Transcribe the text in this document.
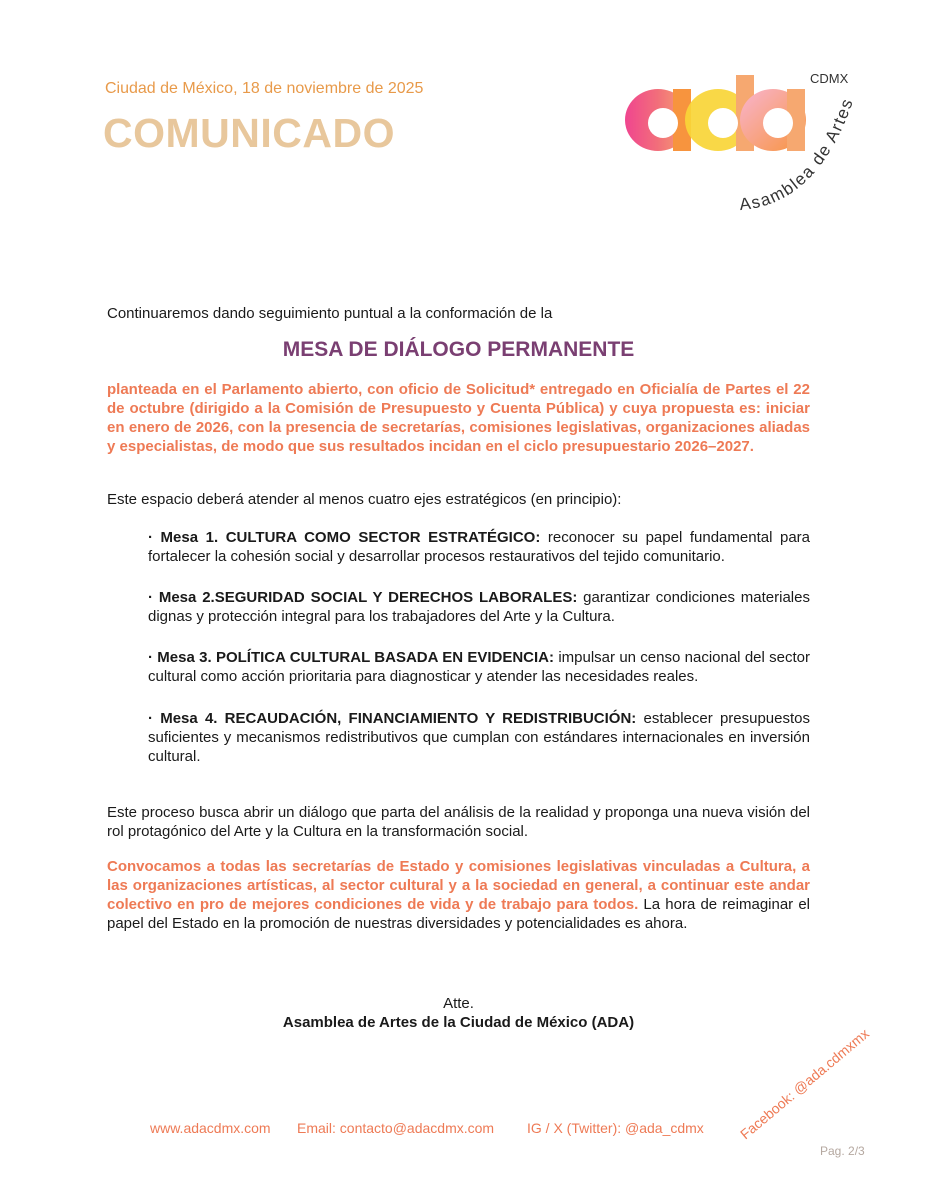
Ciudad de México, 18 de noviembre de 2025
COMUNICADO
CDMX
Asamblea de Artes
Continuaremos dando seguimiento puntual a la conformación de la
MESA DE DIÁLOGO PERMANENTE
planteada en el Parlamento abierto, con oficio de Solicitud* entregado en Oficialía de Partes el 22 de octubre (dirigido a la Comisión de Presupuesto y Cuenta Pública) y cuya propuesta es: iniciar en enero de 2026, con la presencia de secretarías, comisiones legislativas, organizaciones aliadas y especialistas, de modo que sus resultados incidan en el ciclo presupuestario 2026–2027.
Este espacio deberá atender al menos cuatro ejes estratégicos (en principio):
· Mesa 1. CULTURA COMO SECTOR ESTRATÉGICO: reconocer su papel fundamental para fortalecer la cohesión social y desarrollar procesos restaurativos del tejido comunitario.
· Mesa 2.SEGURIDAD SOCIAL Y DERECHOS LABORALES: garantizar condiciones materiales dignas y protección integral para los trabajadores del Arte y la Cultura.
· Mesa 3. POLÍTICA CULTURAL BASADA EN EVIDENCIA: impulsar un censo nacional del sector cultural como acción prioritaria para diagnosticar y atender las necesidades reales.
· Mesa 4. RECAUDACIÓN, FINANCIAMIENTO Y REDISTRIBUCIÓN: establecer presupuestos suficientes y mecanismos redistributivos que cumplan con estándares internacionales en inversión cultural.
Este proceso busca abrir un diálogo que parta del análisis de la realidad y proponga una nueva visión del rol protagónico del Arte y la Cultura en la transformación social.
Convocamos a todas las secretarías de Estado y comisiones legislativas vinculadas a Cultura, a las organizaciones artísticas, al sector cultural y a la sociedad en general, a continuar este andar colectivo en pro de mejores condiciones de vida y de trabajo para todos. La hora de reimaginar el papel del Estado en la promoción de nuestras diversidades y potencialidades es ahora.
Atte.
Asamblea de Artes de la Ciudad de México (ADA)
www.adacdmx.com Email: contacto@adacdmx.com IG / X (Twitter): @ada_cdmx Facebook: @ada.cdmxmx
Pag. 2/3
